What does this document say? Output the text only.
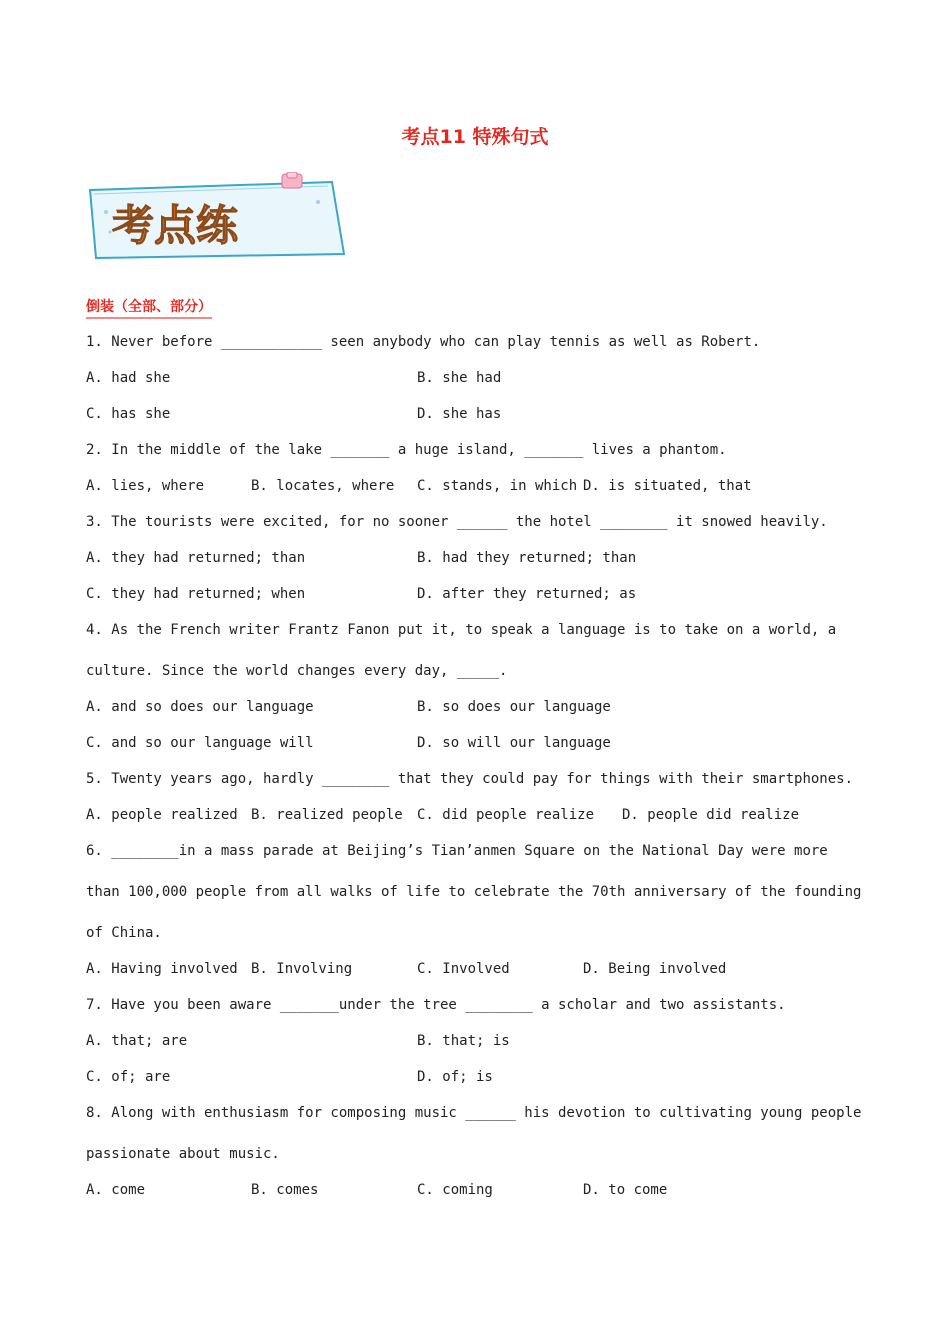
考点11 特殊句式
考点练
倒装（全部、部分）
1. Never before ____________ seen anybody who can play tennis as well as Robert.
A. had she	B. she had
C. has she	D. she has
2. In the middle of the lake _______ a huge island, _______ lives a phantom.
A. lies, where	B. locates, where C. stands, in which D. is situated, that
3. The tourists were excited, for no sooner ______ the hotel ________ it snowed heavily.
A. they had returned; than	B. had they returned; than
C. they had returned; when	D. after they returned; as
4. As the French writer Frantz Fanon put it, to speak a language is to take on a world, a
culture. Since the world changes every day, _____.
A. and so does our language	B. so does our language
C. and so our language will	D. so will our language
5. Twenty years ago, hardly ________ that they could pay for things with their smartphones.
A. people realized B. realized people C. did people realize D. people did realize
6. ________in a mass parade at Beijing’s Tian’anmen Square on the National Day were more
than 100,000 people from all walks of life to celebrate the 70th anniversary of the founding
of China.
A. Having involved B. Involving	C. Involved	D. Being involved
7. Have you been aware _______under the tree ________ a scholar and two assistants.
A. that; are	B. that; is
C. of; are	D. of; is
8. Along with enthusiasm for composing music ______ his devotion to cultivating young people
passionate about music.
A. come	B. comes	C. coming	D. to come
